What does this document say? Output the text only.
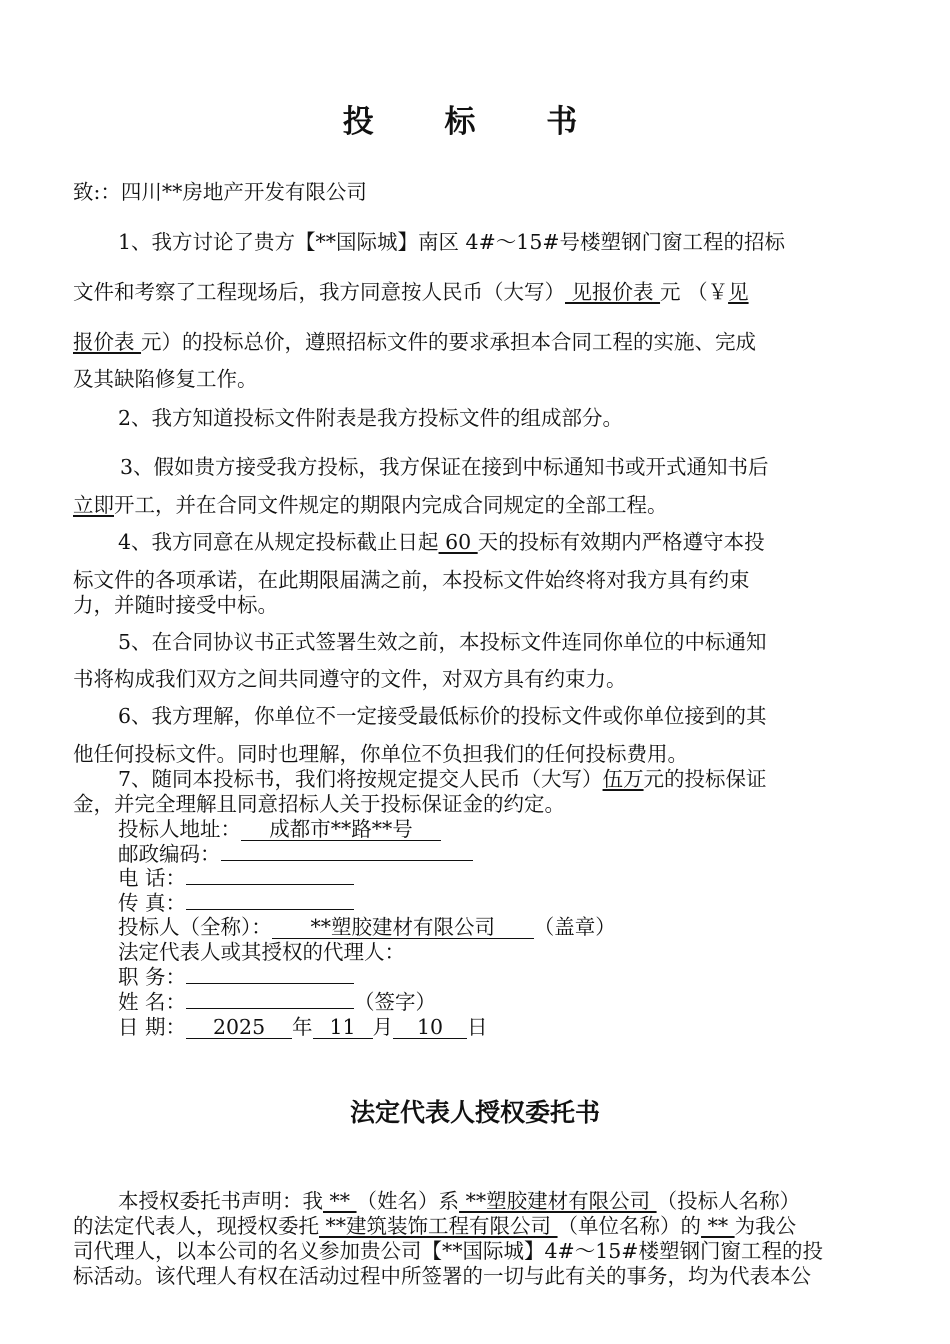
投 标 书
致:：四川**房地产开发有限公司
1、我方讨论了贵方【**国际城】南区 4#～15#号楼塑钢门窗工程的招标
文件和考察了工程现场后，我方同意按人民币（大写） 见报价表 元 （￥见
报价表 元）的投标总价，遵照招标文件的要求承担本合同工程的实施、完成
及其缺陷修复工作。
2、我方知道投标文件附表是我方投标文件的组成部分。
3、假如贵方接受我方投标，我方保证在接到中标通知书或开式通知书后
立即开工，并在合同文件规定的期限内完成合同规定的全部工程。
4、我方同意在从规定投标截止日起 60 天的投标有效期内严格遵守本投
标文件的各项承诺，在此期限届满之前，本投标文件始终将对我方具有约束
力，并随时接受中标。
5、在合同协议书正式签署生效之前，本投标文件连同你单位的中标通知
书将构成我们双方之间共同遵守的文件，对双方具有约束力。
6、我方理解，你单位不一定接受最低标价的投标文件或你单位接到的其
他任何投标文件。同时也理解，你单位不负担我们的任何投标费用。
7、随同本投标书，我们将按规定提交人民币（大写）伍万元的投标保证
金，并完全理解且同意招标人关于投标保证金的约定。
投标人地址：成都市**路**号
邮政编码：
电 话：
传 真：
投标人（全称）：**塑胶建材有限公司（盖章）
法定代表人或其授权的代理人：
职 务：
姓 名：	（签字）
日 期： 2025 年 11 月 10 日
法定代表人授权委托书
本授权委托书声明：我 ** （姓名）系 **塑胶建材有限公司 （投标人名称）
的法定代表人，现授权委托 **建筑装饰工程有限公司 （单位名称）的 ** 为我公
司代理人，以本公司的名义参加贵公司【**国际城】4#～15#楼塑钢门窗工程的投
标活动。该代理人有权在活动过程中所签署的一切与此有关的事务，均为代表本公
